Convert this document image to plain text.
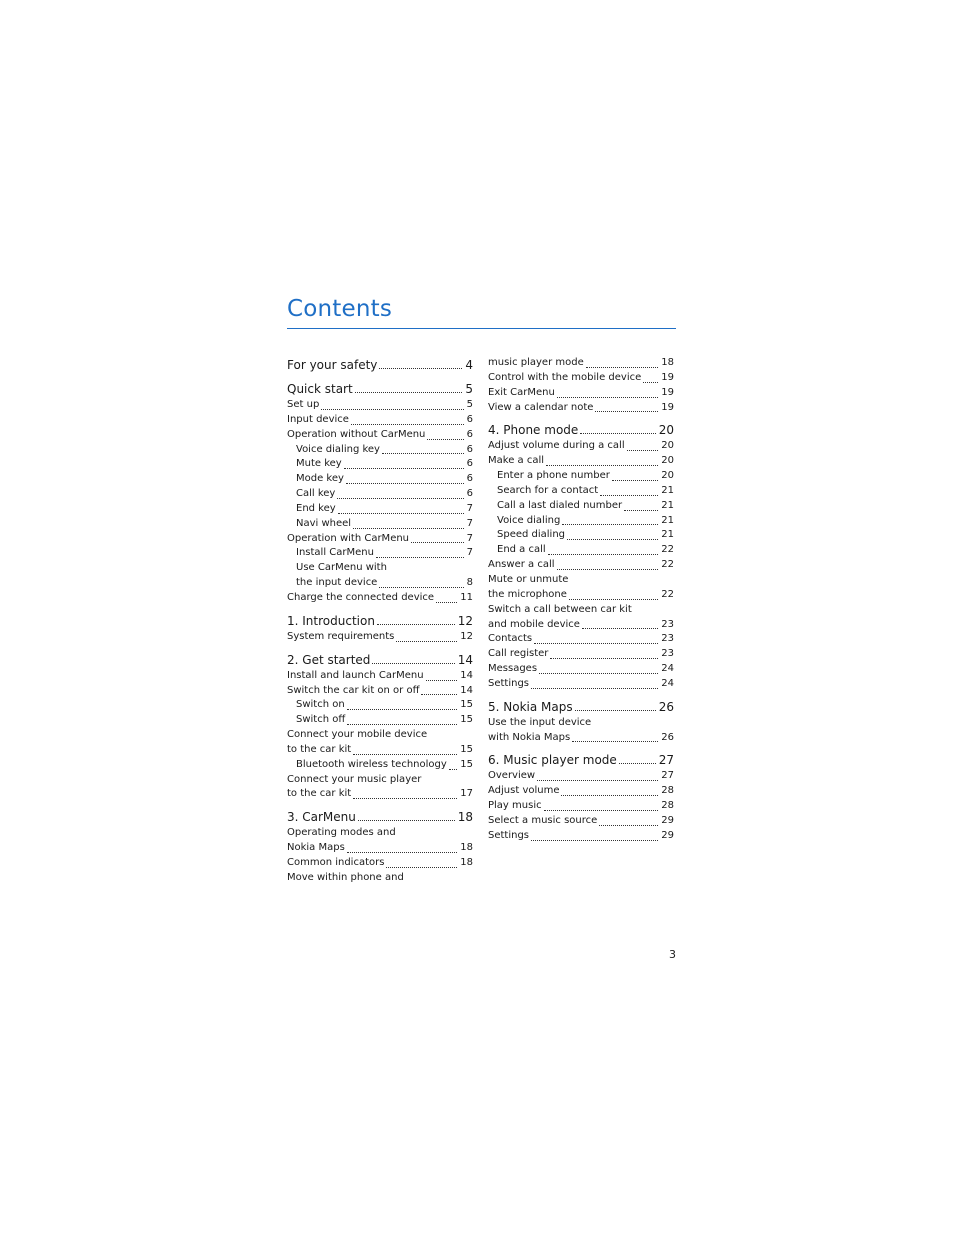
Contents
For your safety	4
Quick start	5
Set up	5
Input device	6
Operation without CarMenu	6
Voice dialing key	6
Mute key	6
Mode key	6
Call key	6
End key	7
Navi wheel	7
Operation with CarMenu	7
Install CarMenu	7
Use CarMenu with
the input device	8
Charge the connected device	11
1. Introduction	12
System requirements	12
2. Get started	14
Install and launch CarMenu	14
Switch the car kit on or off	14
Switch on	15
Switch off	15
Connect your mobile device
to the car kit	15
Bluetooth wireless technology 15
Connect your music player
to the car kit	17
3. CarMenu	18
Operating modes and
Nokia Maps	18
Common indicators	18
Move within phone and
music player mode	18
Control with the mobile device 19
Exit CarMenu	19
View a calendar note	19
4. Phone mode	20
Adjust volume during a call	20
Make a call	20
Enter a phone number	20
Search for a contact	21
Call a last dialed number	21
Voice dialing	21
Speed dialing	21
End a call	22
Answer a call	22
Mute or unmute
the microphone	22
Switch a call between car kit
and mobile device	23
Contacts	23
Call register	23
Messages	24
Settings	24
5. Nokia Maps	26
Use the input device
with Nokia Maps	26
6. Music player mode	27
Overview	27
Adjust volume	28
Play music	28
Select a music source	29
Settings	29
3
